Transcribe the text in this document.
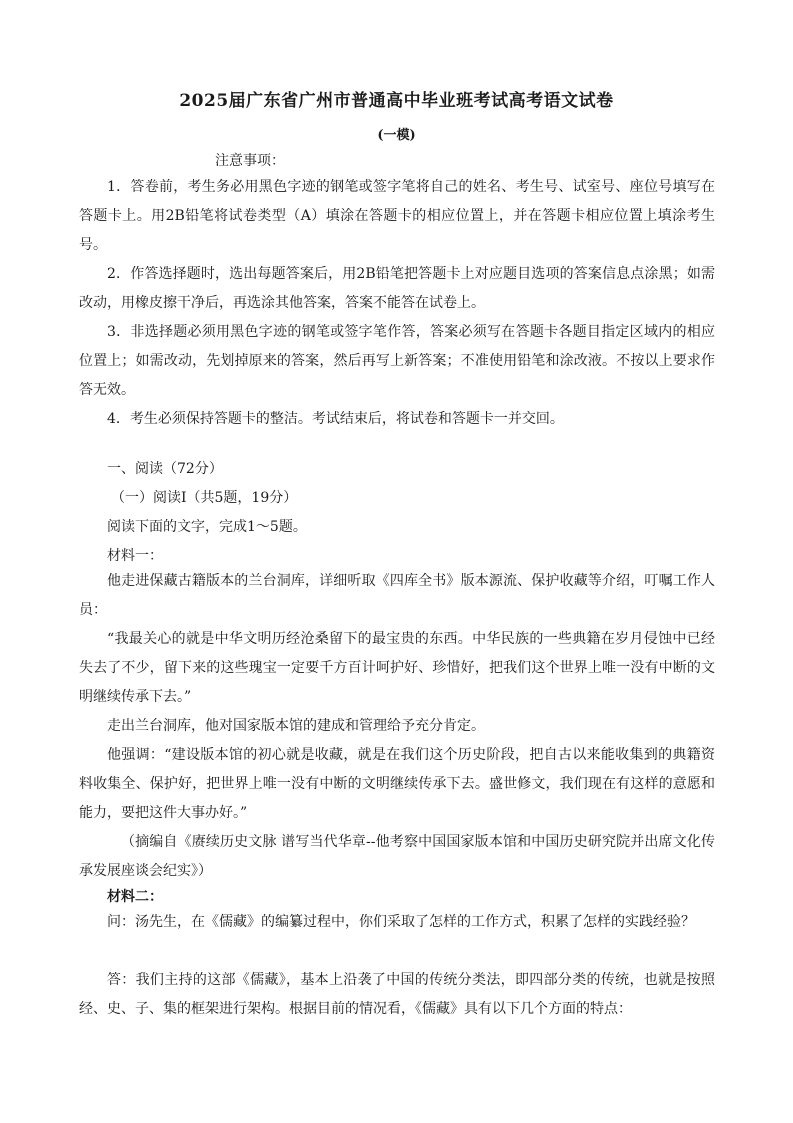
2025届广东省广州市普通高中毕业班考试高考语文试卷
(一模)
注意事项：

1．答卷前，考生务必用黑色字迹的钢笔或签字笔将自己的姓名、考生号、试室号、座位号填写在答题卡上。用2B铅笔将试卷类型（A）填涂在答题卡的相应位置上，并在答题卡相应位置上填涂考生号。

2．作答选择题时，选出每题答案后，用2B铅笔把答题卡上对应题目选项的答案信息点涂黑；如需改动，用橡皮擦干净后，再选涂其他答案，答案不能答在试卷上。

3．非选择题必须用黑色字迹的钢笔或签字笔作答，答案必须写在答题卡各题目指定区域内的相应位置上；如需改动，先划掉原来的答案，然后再写上新答案；不准使用铅笔和涂改液。不按以上要求作答无效。

4．考生必须保持答题卡的整洁。考试结束后，将试卷和答题卡一并交回。

一、阅读（72分）
（一）阅读Ⅰ（共5题，19分）
阅读下面的文字，完成1～5题。
材料一：

他走进保藏古籍版本的兰台洞库，详细听取《四库全书》版本源流、保护收藏等介绍，叮嘱工作人员：

“我最关心的就是中华文明历经沧桑留下的最宝贵的东西。中华民族的一些典籍在岁月侵蚀中已经失去了不少，留下来的这些瑰宝一定要千方百计呵护好、珍惜好，把我们这个世界上唯一没有中断的文明继续传承下去。”

走出兰台洞库，他对国家版本馆的建成和管理给予充分肯定。

他强调：“建设版本馆的初心就是收藏，就是在我们这个历史阶段，把自古以来能收集到的典籍资料收集全、保护好，把世界上唯一没有中断的文明继续传承下去。盛世修文，我们现在有这样的意愿和能力，要把这件大事办好。”

（摘编自《赓续历史文脉 谱写当代华章--他考察中国国家版本馆和中国历史研究院并出席文化传承发展座谈会纪实》）

材料二：

问：汤先生，在《儒藏》的编纂过程中，你们采取了怎样的工作方式，积累了怎样的实践经验？

答：我们主持的这部《儒藏》，基本上沿袭了中国的传统分类法，即四部分类的传统，也就是按照经、史、子、集的框架进行架构。根据目前的情况看，《儒藏》具有以下几个方面的特点：
